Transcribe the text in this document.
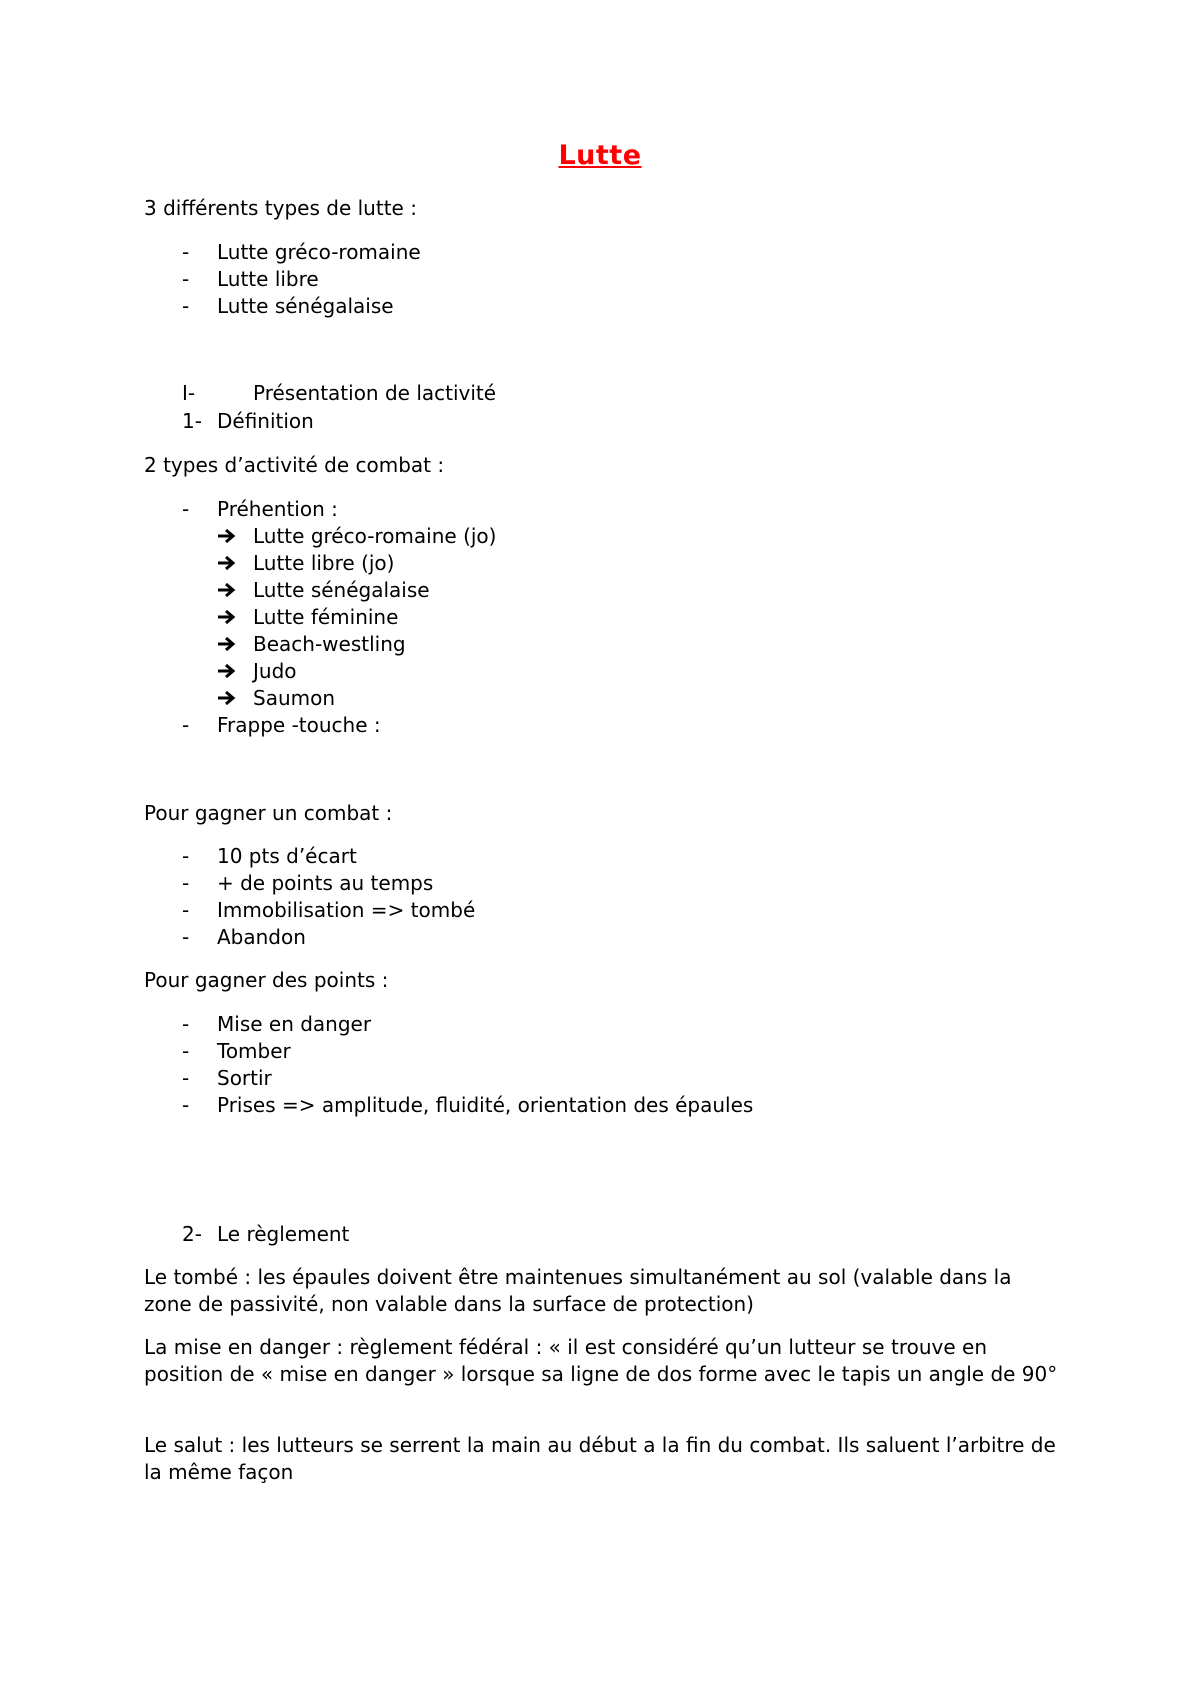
Lutte

3 différents types de lutte :

- Lutte gréco-romaine
- Lutte libre
- Lutte sénégalaise
I-	Présentation de lactivité
1- Définition

2 types d’activité de combat :

- Préhention :
Lutte gréco-romaine (jo)
Lutte libre (jo)
Lutte sénégalaise
Lutte féminine
Beach-westling
Judo
Saumon
- Frappe -touche :

Pour gagner un combat :

- 10 pts d’écart
- + de points au temps
- Immobilisation => tombé
- Abandon

Pour gagner des points :

- Mise en danger
- Tomber
- Sortir
- Prises => amplitude, fluidité, orientation des épaules
2- Le règlement

Le tombé : les épaules doivent être maintenues simultanément au sol (valable dans la zone de passivité, non valable dans la surface de protection)

La mise en danger : règlement fédéral : « il est considéré qu’un lutteur se trouve en position de « mise en danger » lorsque sa ligne de dos forme avec le tapis un angle de 90°

Le salut : les lutteurs se serrent la main au début a la fin du combat. Ils saluent l’arbitre de la même façon
